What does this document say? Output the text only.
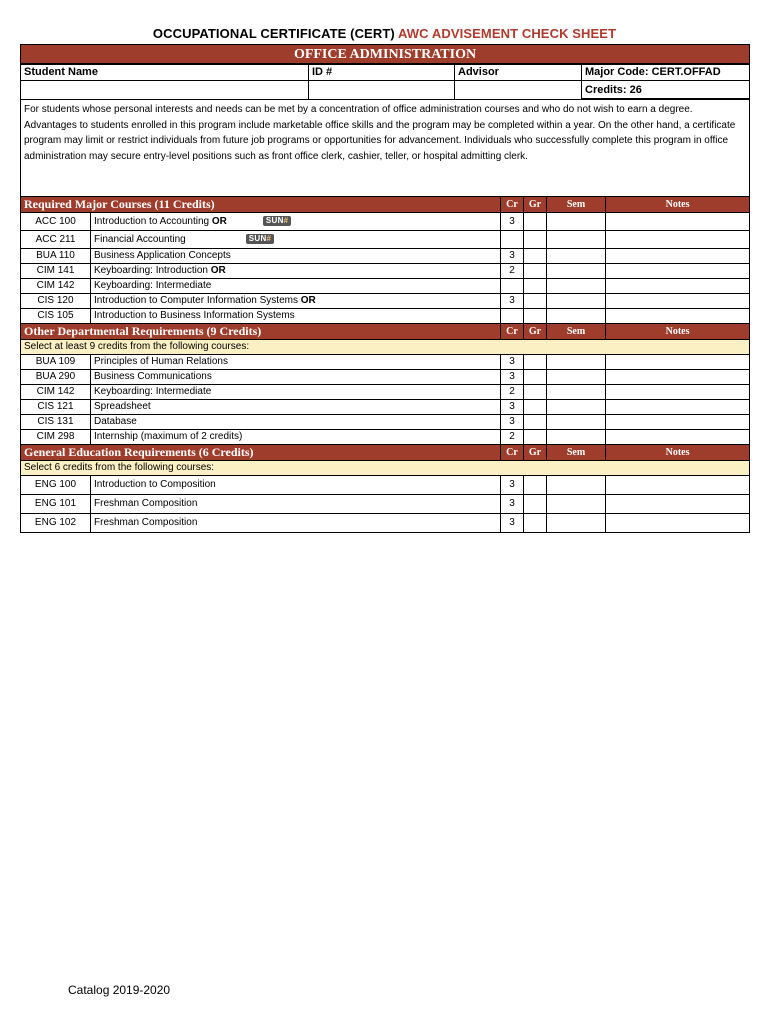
OCCUPATIONAL CERTIFICATE (CERT) AWC ADVISEMENT CHECK SHEET
OFFICE ADMINISTRATION
Student Name	ID #	Advisor	Major Code: CERT.OFFAD
			Credits: 26
For students whose personal interests and needs can be met by a concentration of office administration courses and who do not wish to earn a degree. Advantages to students enrolled in this program include marketable office skills and the program may be completed within a year. On the other hand, a certificate program may limit or restrict individuals from future job programs or opportunities for advancement. Individuals who successfully complete this program in office administration may secure entry-level positions such as front office clerk, cashier, teller, or hospital admitting clerk.					
Required Major Courses (11 Credits)		Cr	Gr	Sem	Notes
ACC 100	Introduction to Accounting OR SUN#	3			
ACC 211	Financial Accounting SUN#				
BUA 110	Business Application Concepts	3			
CIM 141	Keyboarding: Introduction OR	2			
CIM 142	Keyboarding: Intermediate				
CIS 120	Introduction to Computer Information Systems OR	3			
CIS 105	Introduction to Business Information Systems				
Other Departmental Requirements (9 Credits)		Cr	Gr	Sem	Notes
Select at least 9 credits from the following courses:					
BUA 109	Principles of Human Relations	3			
BUA 290	Business Communications	3			
CIM 142	Keyboarding: Intermediate	2			
CIS 121	Spreadsheet	3			
CIS 131	Database	3			
CIM 298	Internship (maximum of 2 credits)	2			
General Education Requirements (6 Credits)		Cr	Gr	Sem	Notes
Select 6 credits from the following courses:					
ENG 100	Introduction to Composition	3			
ENG 101	Freshman Composition	3			
ENG 102	Freshman Composition	3			
Catalog 2019-2020
